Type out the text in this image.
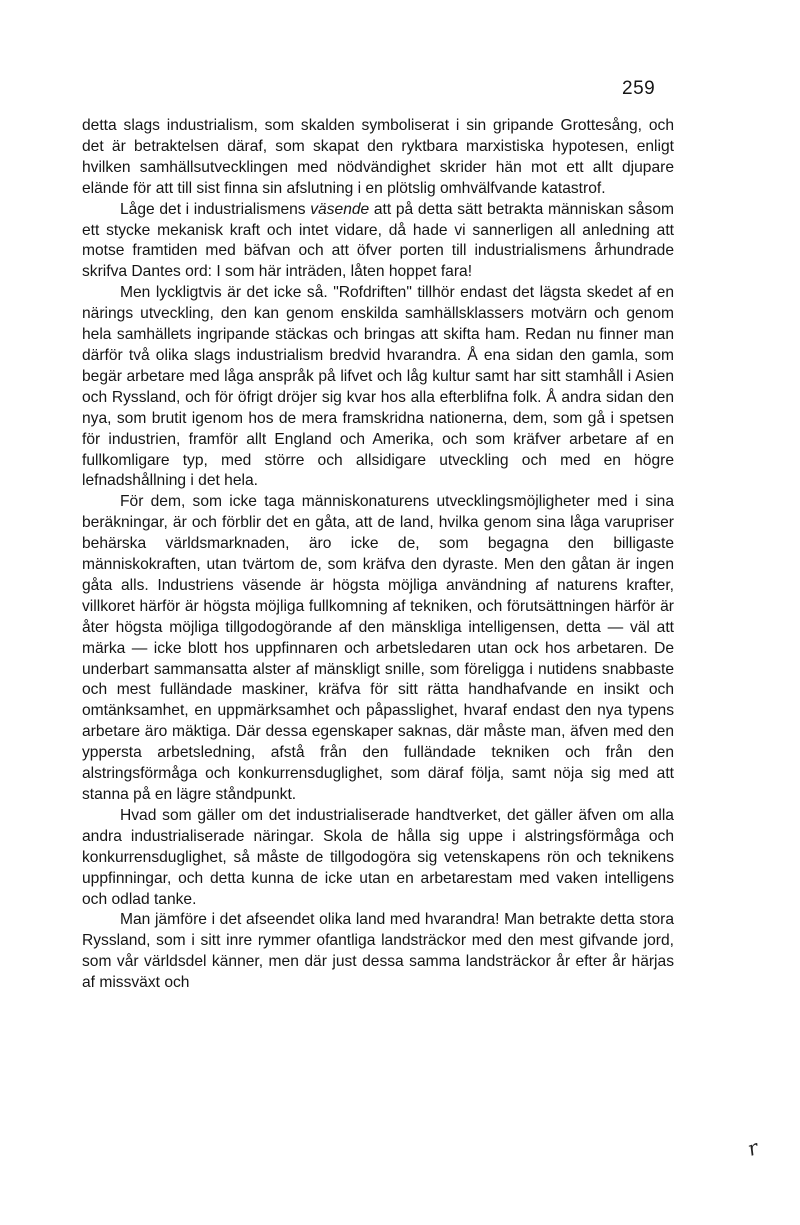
259

detta slags industrialism, som skalden symboliserat i sin gripande Grottesång, och det är betraktelsen däraf, som skapat den ryktbara marxistiska hypotesen, enligt hvilken samhällsutvecklingen med nödvändighet skrider hän mot ett allt djupare elände för att till sist finna sin afslutning i en plötslig omhvälfvande katastrof.

Låge det i industrialismens väsende att på detta sätt betrakta människan såsom ett stycke mekanisk kraft och intet vidare, då hade vi sannerligen all anledning att motse framtiden med bäfvan och att öfver porten till industrialismens århundrade skrifva Dantes ord: I som här inträden, låten hoppet fara!

Men lyckligtvis är det icke så. "Rofdriften" tillhör endast det lägsta skedet af en närings utveckling, den kan genom enskilda samhällsklassers motvärn och genom hela samhällets ingripande stäckas och bringas att skifta ham. Redan nu finner man därför två olika slags industrialism bredvid hvarandra. Å ena sidan den gamla, som begär arbetare med låga anspråk på lifvet och låg kultur samt har sitt stamhåll i Asien och Ryssland, och för öfrigt dröjer sig kvar hos alla efterblifna folk. Å andra sidan den nya, som brutit igenom hos de mera framskridna nationerna, dem, som gå i spetsen för industrien, framför allt England och Amerika, och som kräfver arbetare af en fullkomligare typ, med större och allsidigare utveckling och med en högre lefnadshållning i det hela.

För dem, som icke taga människonaturens utvecklingsmöjligheter med i sina beräkningar, är och förblir det en gåta, att de land, hvilka genom sina låga varupriser behärska världsmarknaden, äro icke de, som begagna den billigaste människokraften, utan tvärtom de, som kräfva den dyraste. Men den gåtan är ingen gåta alls. Industriens väsende är högsta möjliga användning af naturens krafter, villkoret härför är högsta möjliga fullkomning af tekniken, och förutsättningen härför är åter högsta möjliga tillgodogörande af den mänskliga intelligensen, detta — väl att märka — icke blott hos uppfinnaren och arbetsledaren utan ock hos arbetaren. De underbart sammansatta alster af mänskligt snille, som föreligga i nutidens snabbaste och mest fulländade maskiner, kräfva för sitt rätta handhafvande en insikt och omtänksamhet, en uppmärksamhet och påpasslighet, hvaraf endast den nya typens arbetare äro mäktiga. Där dessa egenskaper saknas, där måste man, äfven med den yppersta arbetsledning, afstå från den fulländade tekniken och från den alstringsförmåga och konkurrensduglighet, som däraf följa, samt nöja sig med att stanna på en lägre ståndpunkt.

Hvad som gäller om det industrialiserade handtverket, det gäller äfven om alla andra industrialiserade näringar. Skola de hålla sig uppe i alstringsförmåga och konkurrensduglighet, så måste de tillgodogöra sig vetenskapens rön och teknikens uppfinningar, och detta kunna de icke utan en arbetarestam med vaken intelligens och odlad tanke.

Man jämföre i det afseendet olika land med hvarandra! Man betrakte detta stora Ryssland, som i sitt inre rymmer ofantliga landsträckor med den mest gifvande jord, som vår världsdel känner, men där just dessa samma landsträckor år efter år härjas af missväxt och

r
